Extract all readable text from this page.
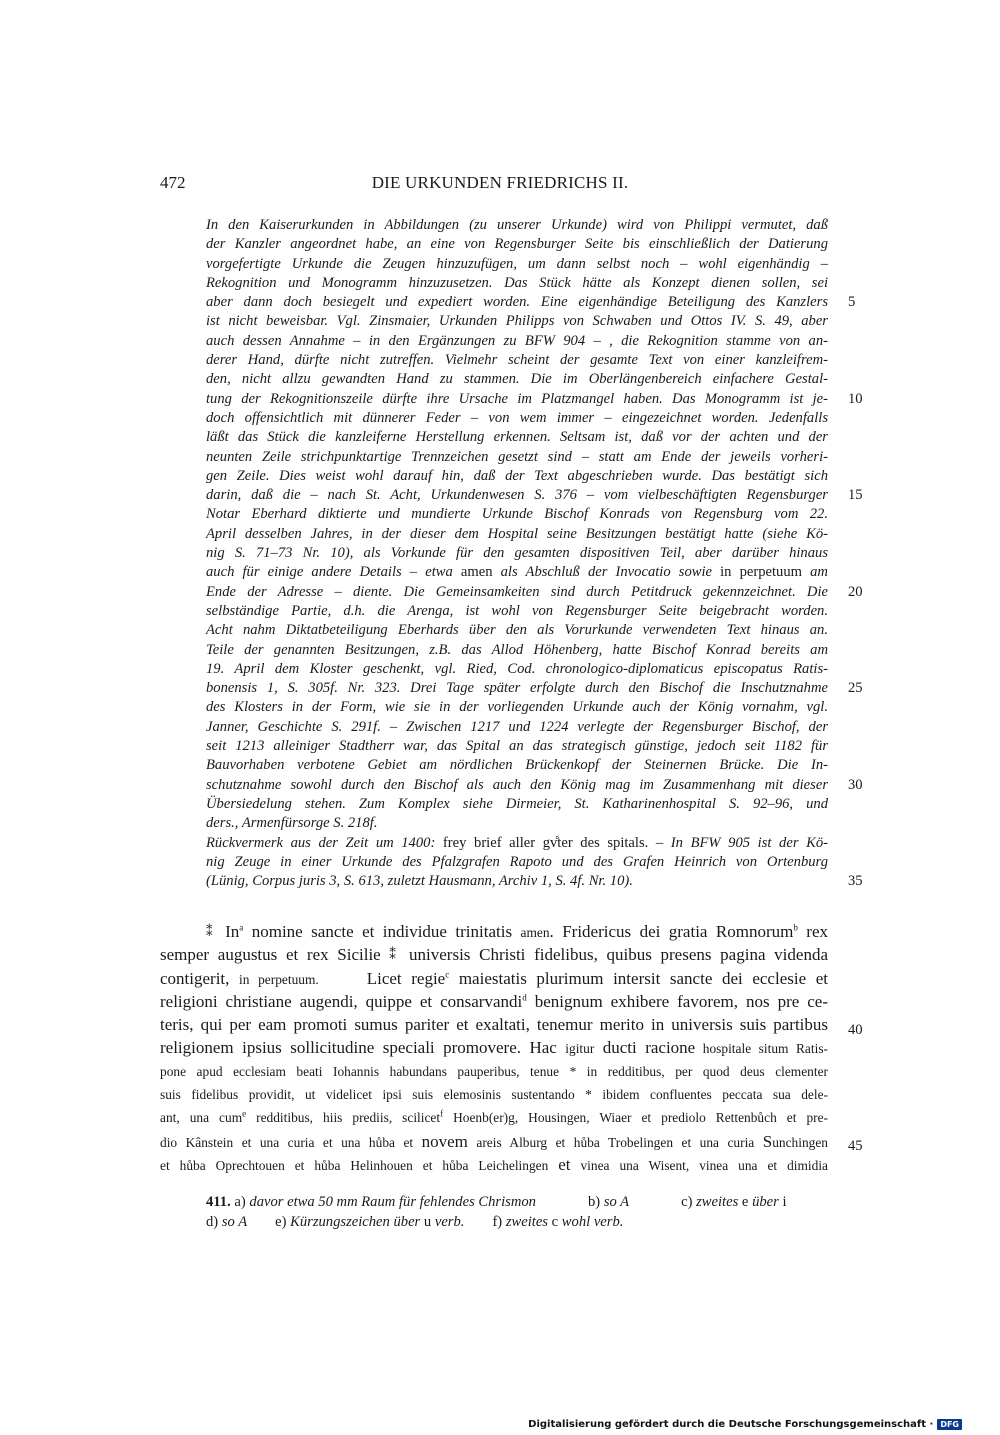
472	DIE URKUNDEN FRIEDRICHS II.
In den Kaiserurkunden in Abbildungen (zu unserer Urkunde) wird von Philippi vermutet, daß
der Kanzler angeordnet habe, an eine von Regensburger Seite bis einschließlich der Datierung
vorgefertigte Urkunde die Zeugen hinzuzufügen, um dann selbst noch – wohl eigenhändig –
Rekognition und Monogramm hinzuzusetzen. Das Stück hätte als Konzept dienen sollen, sei
aber dann doch besiegelt und expediert worden. Eine eigenhändige Beteiligung des Kanzlers
ist nicht beweisbar. Vgl. Zinsmaier, Urkunden Philipps von Schwaben und Ottos IV. S. 49, aber
auch dessen Annahme – in den Ergänzungen zu BFW 904 – , die Rekognition stamme von an-
derer Hand, dürfte nicht zutreffen. Vielmehr scheint der gesamte Text von einer kanzleifrem-
den, nicht allzu gewandten Hand zu stammen. Die im Oberlängenbereich einfachere Gestal-
tung der Rekognitionszeile dürfte ihre Ursache im Platzmangel haben. Das Monogramm ist je-
doch offensichtlich mit dünnerer Feder – von wem immer – eingezeichnet worden. Jedenfalls
läßt das Stück die kanzleiferne Herstellung erkennen. Seltsam ist, daß vor der achten und der
neunten Zeile strichpunktartige Trennzeichen gesetzt sind – statt am Ende der jeweils vorheri-
gen Zeile. Dies weist wohl darauf hin, daß der Text abgeschrieben wurde. Das bestätigt sich
darin, daß die – nach St. Acht, Urkundenwesen S. 376 – vom vielbeschäftigten Regensburger
Notar Eberhard diktierte und mundierte Urkunde Bischof Konrads von Regensburg vom 22.
April desselben Jahres, in der dieser dem Hospital seine Besitzungen bestätigt hatte (siehe Kö-
nig S. 71–73 Nr. 10), als Vorkunde für den gesamten dispositiven Teil, aber darüber hinaus
auch für einige andere Details – etwa amen als Abschluß der Invocatio sowie in perpetuum am
Ende der Adresse – diente. Die Gemeinsamkeiten sind durch Petitdruck gekennzeichnet. Die
selbständige Partie, d.h. die Arenga, ist wohl von Regensburger Seite beigebracht worden.
Acht nahm Diktatbeteiligung Eberhards über den als Vorurkunde verwendeten Text hinaus an.
Teile der genannten Besitzungen, z.B. das Allod Höhenberg, hatte Bischof Konrad bereits am
19. April dem Kloster geschenkt, vgl. Ried, Cod. chronologico-diplomaticus episcopatus Ratis-
bonensis 1, S. 305f. Nr. 323. Drei Tage später erfolgte durch den Bischof die Inschutznahme
des Klosters in der Form, wie sie in der vorliegenden Urkunde auch der König vornahm, vgl.
Janner, Geschichte S. 291f. – Zwischen 1217 und 1224 verlegte der Regensburger Bischof, der
seit 1213 alleiniger Stadtherr war, das Spital an das strategisch günstige, jedoch seit 1182 für
Bauvorhaben verbotene Gebiet am nördlichen Brückenkopf der Steinernen Brücke. Die In-
schutznahme sowohl durch den Bischof als auch den König mag im Zusammenhang mit dieser
Übersiedelung stehen. Zum Komplex siehe Dirmeier, St. Katharinenhospital S. 92–96, und
ders., Armenfürsorge S. 218f.
Rückvermerk aus der Zeit um 1400: frey brief aller gv̊ter des spitals. – In BFW 905 ist der Kö-
nig Zeuge in einer Urkunde des Pfalzgrafen Rapoto und des Grafen Heinrich von Ortenburg
(Lünig, Corpus juris 3, S. 613, zuletzt Hausmann, Archiv 1, S. 4f. Nr. 10).
5
10
15
20
25
30
35
⁑ In$^a$ nomine sancte et individue trinitatis amen. Fridericus dei gratia Romnorum$^b$ rex
semper augustus et rex Sicilie ⁑ universis Christi fidelibus, quibus presens pagina videnda
contigerit, in perpetuum.	Licet regie$^c$ maiestatis plurimum intersit sancte dei ecclesie et
religioni christiane augendi, quippe et consarvandi$^d$ benignum exhibere favorem, nos pre ce-
teris, qui per eam promoti sumus pariter et exaltati, tenemur merito in universis suis partibus
religionem ipsius sollicitudine speciali promovere. Hac igitur ducti racione hospitale situm Ratis-
pone apud ecclesiam beati Iohannis habundans pauperibus, tenue * in redditibus, per quod deus clementer
suis fidelibus providit, ut videlicet ipsi suis elemosinis sustentando * ibidem confluentes peccata sua dele-
ant, una cum$^e$ redditibus, hiis prediis, scilicet$^f$ Hoenb(er)g, Housingen, Wiaer et prediolo Rettenbůch et pre-
dio Kânstein et una curia et una hůba et novem areis Alburg et hůba Trobelingen et una curia Sunchingen
et hůba Oprechtouen et hůba Helinhouen et hůba Leichelingen et vinea una Wisent, vinea una et dimidia
40
45
411. a) davor etwa 50 mm Raum für fehlendes Chrismon	b) so A	c) zweites e über i
d) so A e) Kürzungszeichen über u verb. f) zweites c wohl verb.
Digitalisierung gefördert durch die Deutsche Forschungsgemeinschaft · DFG
